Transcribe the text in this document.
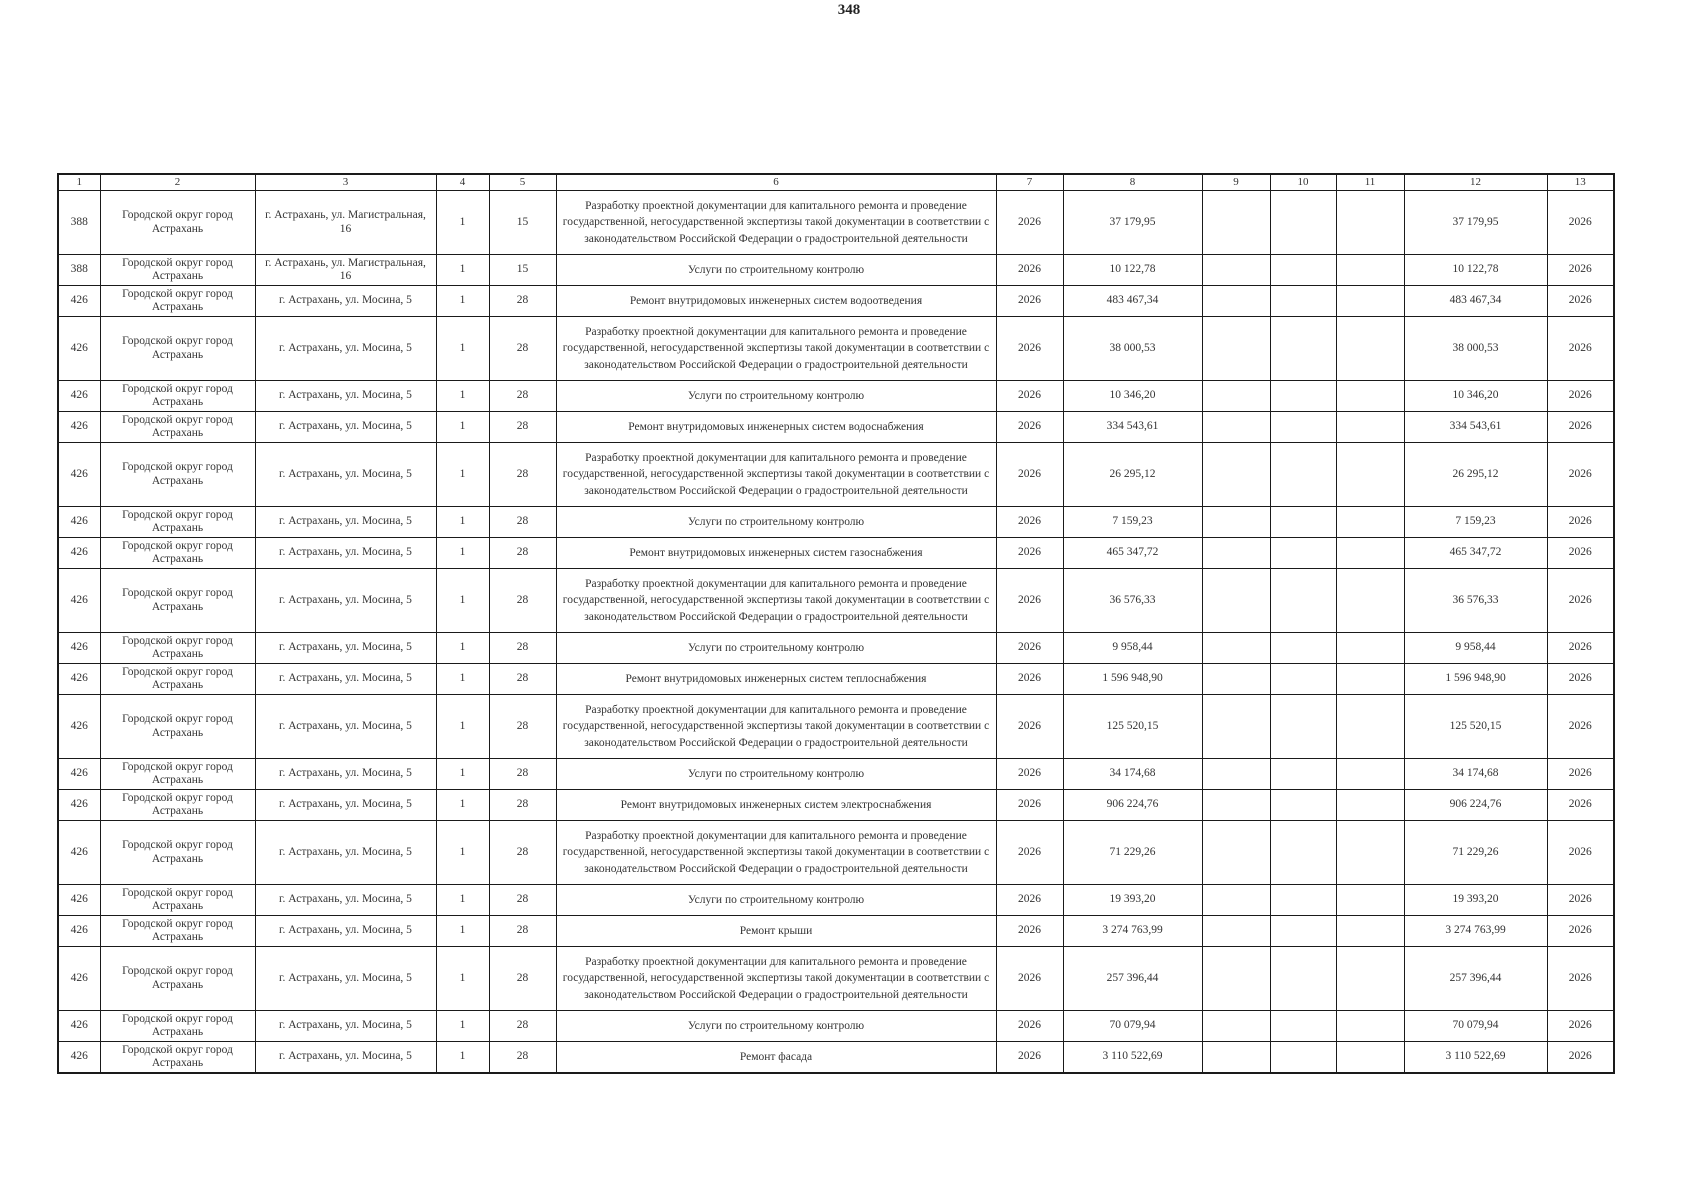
348
1	2	3	4	5	6	7	8	9	10	11	12	13
388	Городской округ город Астрахань	г. Астрахань, ул. Магистральная, 16	1	15	Разработку проектной документации для капитального ремонта и проведение государственной, негосударственной экспертизы такой документации в соответствии с законодательством Российской Федерации о градостроительной деятельности	2026	37 179,95				37 179,95	2026
388	Городской округ город Астрахань	г. Астрахань, ул. Магистральная, 16	1	15	Услуги по строительному контролю	2026	10 122,78				10 122,78	2026
426	Городской округ город Астрахань	г. Астрахань, ул. Мосина, 5	1	28	Ремонт внутридомовых инженерных систем водоотведения	2026	483 467,34				483 467,34	2026
426	Городской округ город Астрахань	г. Астрахань, ул. Мосина, 5	1	28	Разработку проектной документации для капитального ремонта и проведение государственной, негосударственной экспертизы такой документации в соответствии с законодательством Российской Федерации о градостроительной деятельности	2026	38 000,53				38 000,53	2026
426	Городской округ город Астрахань	г. Астрахань, ул. Мосина, 5	1	28	Услуги по строительному контролю	2026	10 346,20				10 346,20	2026
426	Городской округ город Астрахань	г. Астрахань, ул. Мосина, 5	1	28	Ремонт внутридомовых инженерных систем водоснабжения	2026	334 543,61				334 543,61	2026
426	Городской округ город Астрахань	г. Астрахань, ул. Мосина, 5	1	28	Разработку проектной документации для капитального ремонта и проведение государственной, негосударственной экспертизы такой документации в соответствии с законодательством Российской Федерации о градостроительной деятельности	2026	26 295,12				26 295,12	2026
426	Городской округ город Астрахань	г. Астрахань, ул. Мосина, 5	1	28	Услуги по строительному контролю	2026	7 159,23				7 159,23	2026
426	Городской округ город Астрахань	г. Астрахань, ул. Мосина, 5	1	28	Ремонт внутридомовых инженерных систем газоснабжения	2026	465 347,72				465 347,72	2026
426	Городской округ город Астрахань	г. Астрахань, ул. Мосина, 5	1	28	Разработку проектной документации для капитального ремонта и проведение государственной, негосударственной экспертизы такой документации в соответствии с законодательством Российской Федерации о градостроительной деятельности	2026	36 576,33				36 576,33	2026
426	Городской округ город Астрахань	г. Астрахань, ул. Мосина, 5	1	28	Услуги по строительному контролю	2026	9 958,44				9 958,44	2026
426	Городской округ город Астрахань	г. Астрахань, ул. Мосина, 5	1	28	Ремонт внутридомовых инженерных систем теплоснабжения	2026	1 596 948,90				1 596 948,90	2026
426	Городской округ город Астрахань	г. Астрахань, ул. Мосина, 5	1	28	Разработку проектной документации для капитального ремонта и проведение государственной, негосударственной экспертизы такой документации в соответствии с законодательством Российской Федерации о градостроительной деятельности	2026	125 520,15				125 520,15	2026
426	Городской округ город Астрахань	г. Астрахань, ул. Мосина, 5	1	28	Услуги по строительному контролю	2026	34 174,68				34 174,68	2026
426	Городской округ город Астрахань	г. Астрахань, ул. Мосина, 5	1	28	Ремонт внутридомовых инженерных систем электроснабжения	2026	906 224,76				906 224,76	2026
426	Городской округ город Астрахань	г. Астрахань, ул. Мосина, 5	1	28	Разработку проектной документации для капитального ремонта и проведение государственной, негосударственной экспертизы такой документации в соответствии с законодательством Российской Федерации о градостроительной деятельности	2026	71 229,26				71 229,26	2026
426	Городской округ город Астрахань	г. Астрахань, ул. Мосина, 5	1	28	Услуги по строительному контролю	2026	19 393,20				19 393,20	2026
426	Городской округ город Астрахань	г. Астрахань, ул. Мосина, 5	1	28	Ремонт крыши	2026	3 274 763,99				3 274 763,99	2026
426	Городской округ город Астрахань	г. Астрахань, ул. Мосина, 5	1	28	Разработку проектной документации для капитального ремонта и проведение государственной, негосударственной экспертизы такой документации в соответствии с законодательством Российской Федерации о градостроительной деятельности	2026	257 396,44				257 396,44	2026
426	Городской округ город Астрахань	г. Астрахань, ул. Мосина, 5	1	28	Услуги по строительному контролю	2026	70 079,94				70 079,94	2026
426	Городской округ город Астрахань	г. Астрахань, ул. Мосина, 5	1	28	Ремонт фасада	2026	3 110 522,69				3 110 522,69	2026
